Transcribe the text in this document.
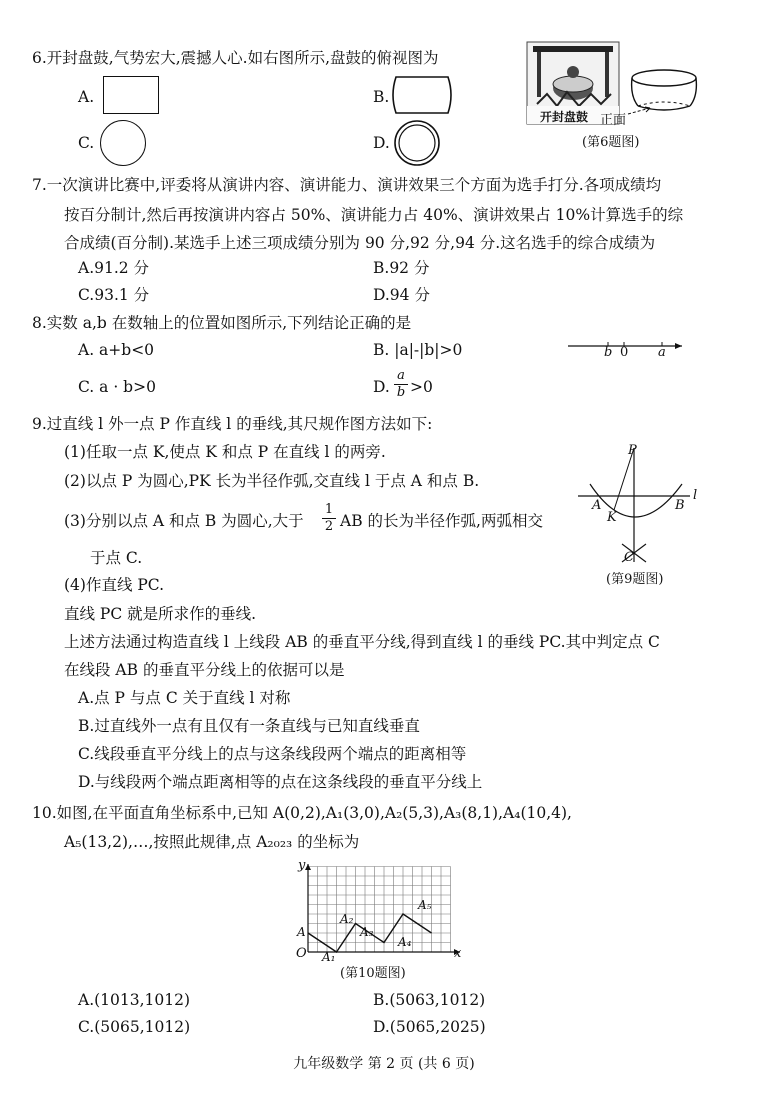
6.开封盘鼓,气势宏大,震撼人心.如右图所示,盘鼓的俯视图为
A.	B.
C.	D.
开封盘鼓 正面
(第6题图)
7.一次演讲比赛中,评委将从演讲内容、演讲能力、演讲效果三个方面为选手打分.各项成绩均
按百分制计,然后再按演讲内容占 50%、演讲能力占 40%、演讲效果占 10%计算选手的综
合成绩(百分制).某选手上述三项成绩分别为 90 分,92 分,94 分.这名选手的综合成绩为
A.91.2 分	B.92 分
C.93.1 分	D.94 分
8.实数 a,b 在数轴上的位置如图所示,下列结论正确的是
A. a+b<0	B. |a|-|b|>0
C. a · b>0	D. $\frac{a}{b} >0$
b 0 a
9.过直线 l 外一点 P 作直线 l 的垂线,其尺规作图方法如下:
(1)任取一点 K,使点 K 和点 P 在直线 l 的两旁.
(2)以点 P 为圆心,PK 长为半径作弧,交直线 l 于点 A 和点 B.
(3)分别以点 A 和点 B 为圆心,大于 $\frac{1}{2}$ AB 的长为半径作弧,两弧相交
于点 C.
(4)作直线 PC.
直线 PC 就是所求作的垂线.
上述方法通过构造直线 l 上线段 AB 的垂直平分线,得到直线 l 的垂线 PC.其中判定点 C
在线段 AB 的垂直平分线上的依据可以是
A.点 P 与点 C 关于直线 l 对称
B.过直线外一点有且仅有一条直线与已知直线垂直
C.线段垂直平分线上的点与这条线段两个端点的距离相等
D.与线段两个端点距离相等的点在这条线段的垂直平分线上
P
l
A	B
K
C
(第9题图)
10.如图,在平面直角坐标系中,已知 A(0,2),A₁(3,0),A₂(5,3),A₃(8,1),A₄(10,4),
A₅(13,2),…,按照此规律,点 A₂₀₂₃ 的坐标为
y
x
O
A
A₁
A₂
A₃
A₄
A₅
(第10题图)
A.(1013,1012)	B.(5063,1012)
C.(5065,1012)	D.(5065,2025)
九年级数学 第 2 页 (共 6 页)
